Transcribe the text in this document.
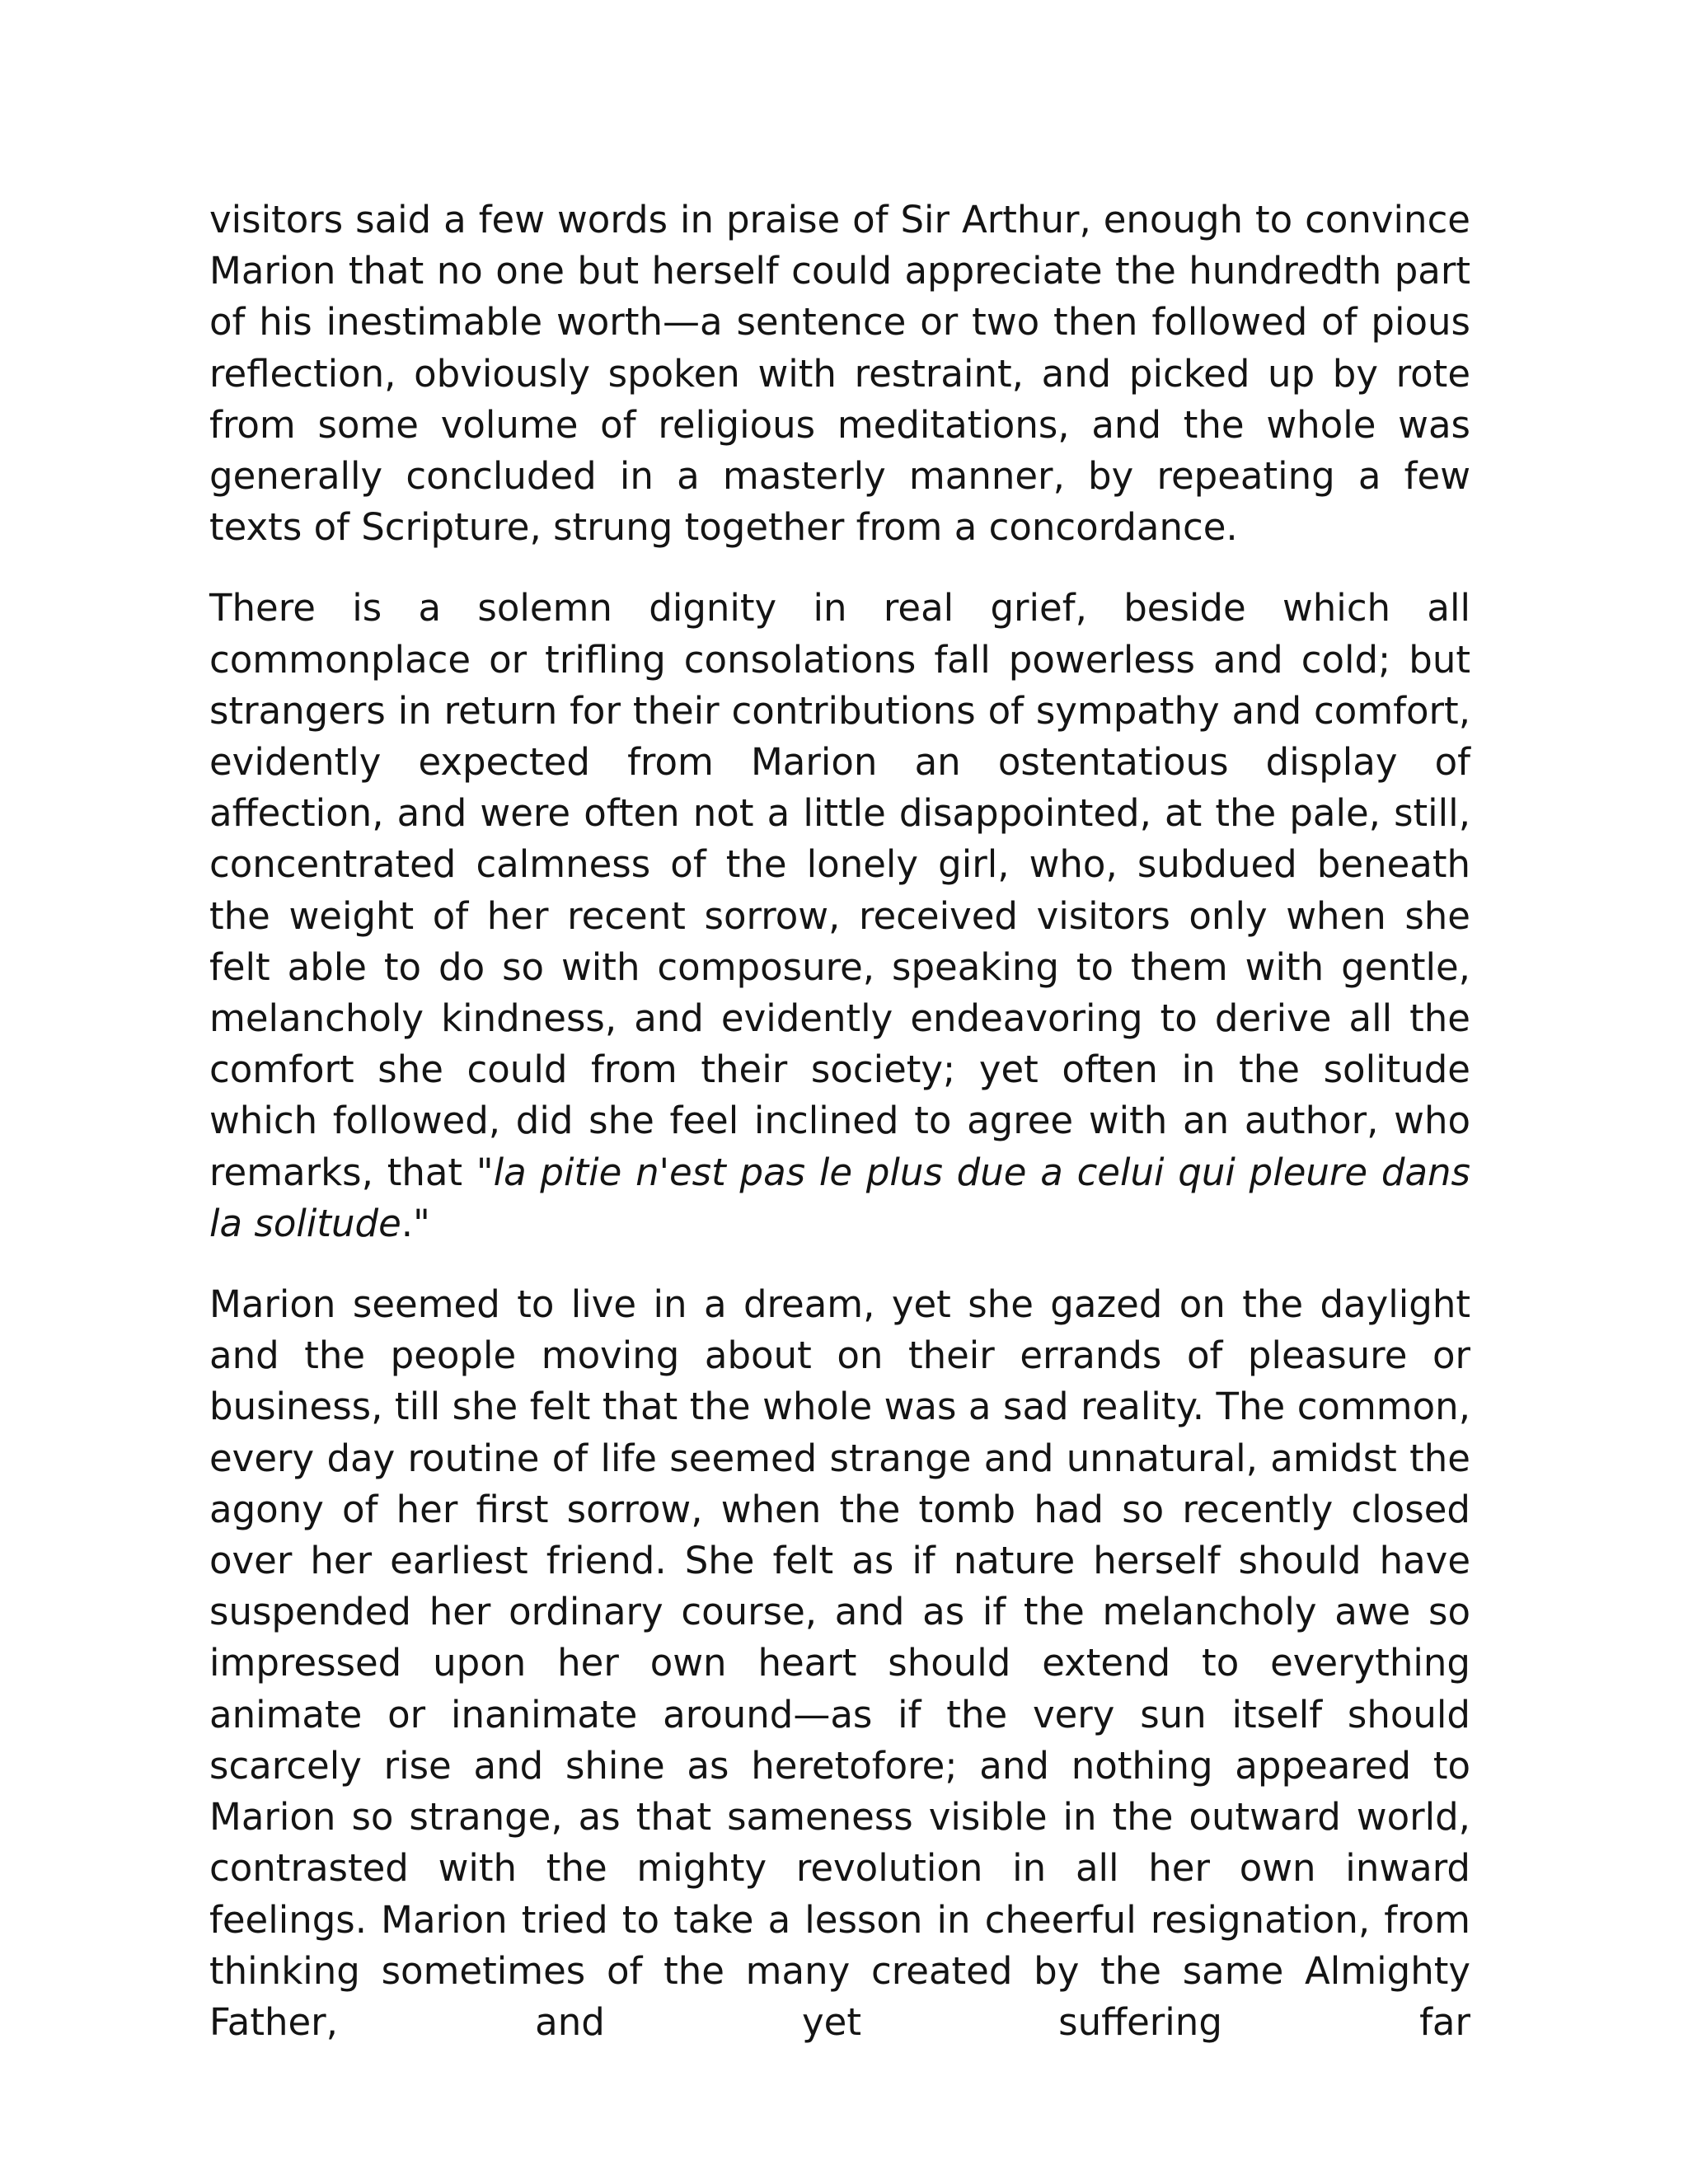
visitors said a few words in praise of Sir Arthur, enough to convince Marion that no one but herself could appreciate the hundredth part of his inestimable worth—a sentence or two then followed of pious reflection, obviously spoken with restraint, and picked up by rote from some volume of religious meditations, and the whole was generally concluded in a masterly manner, by repeating a few texts of Scripture, strung together from a concordance.

There is a solemn dignity in real grief, beside which all commonplace or trifling consolations fall powerless and cold; but strangers in return for their contributions of sympathy and comfort, evidently expected from Marion an ostentatious display of affection, and were often not a little disappointed, at the pale, still, concentrated calmness of the lonely girl, who, subdued beneath the weight of her recent sorrow, received visitors only when she felt able to do so with composure, speaking to them with gentle, melancholy kindness, and evidently endeavoring to derive all the comfort she could from their society; yet often in the solitude which followed, did she feel inclined to agree with an author, who remarks, that "la pitie n'est pas le plus due a celui qui pleure dans la solitude."

Marion seemed to live in a dream, yet she gazed on the daylight and the people moving about on their errands of pleasure or business, till she felt that the whole was a sad reality. The common, every day routine of life seemed strange and unnatural, amidst the agony of her first sorrow, when the tomb had so recently closed over her earliest friend. She felt as if nature herself should have suspended her ordinary course, and as if the melancholy awe so impressed upon her own heart should extend to everything animate or inanimate around—as if the very sun itself should scarcely rise and shine as heretofore; and nothing appeared to Marion so strange, as that sameness visible in the outward world, contrasted with the mighty revolution in all her own inward feelings. Marion tried to take a lesson in cheerful resignation, from thinking sometimes of the many created by the same Almighty Father, and yet suffering far
